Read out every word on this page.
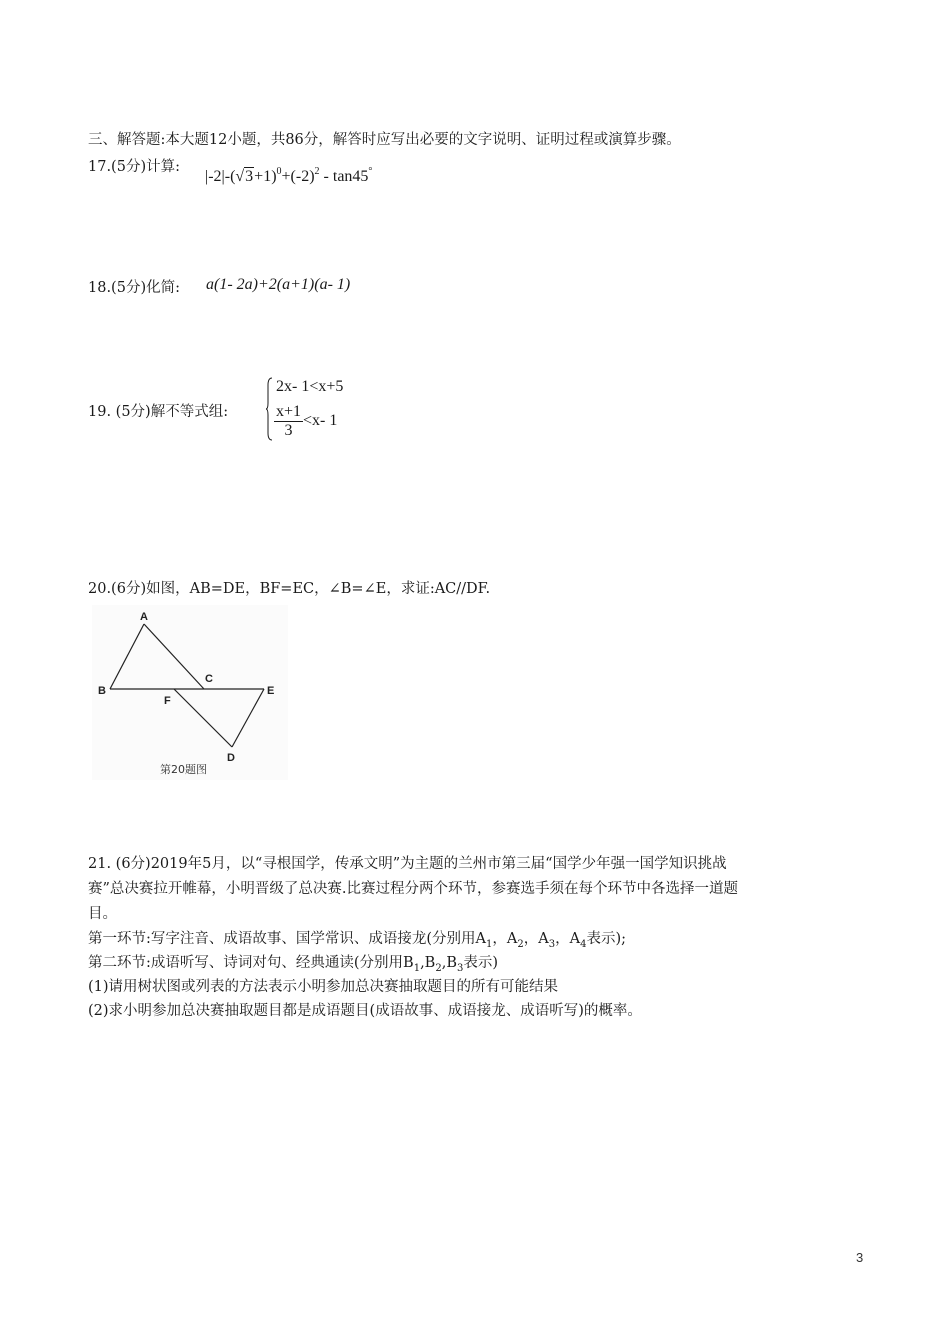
三、解答题:本大题12小题，共86分，解答时应写出必要的文字说明、证明过程或演算步骤。
17.(5分)计算:
$|-2|-(√3+1)^0+(-2)^2 - \tan 45^\circ$
18.(5分)化简: a(1- 2a)+2(a+1)(a- 1)
19. (5分)解不等式组:
2x- 1<x+5
$\frac{x+1}{3} <x-$ 1
20.(6分)如图，AB=DE，BF=EC，∠B=∠E，求证:AC//DF.
A
B
C
F
E
D
第20题图
21. (6分)2019年5月，以“寻根国学，传承文明”为主题的兰州市第三届“国学少年强一国学知识挑战
赛”总决赛拉开帷幕，小明晋级了总决赛.比赛过程分两个环节，参赛选手须在每个环节中各选择一道题
目。
第一环节:写字注音、成语故事、国学常识、成语接龙(分别用$A_1$，$A_2$，$A_3$，$A_4$表示);
第二环节:成语听写、诗词对句、经典通读(分别用$B_1,B_2,B_3$表示)
(1)请用树状图或列表的方法表示小明参加总决赛抽取题目的所有可能结果
(2)求小明参加总决赛抽取题目都是成语题目(成语故事、成语接龙、成语听写)的概率。
3
